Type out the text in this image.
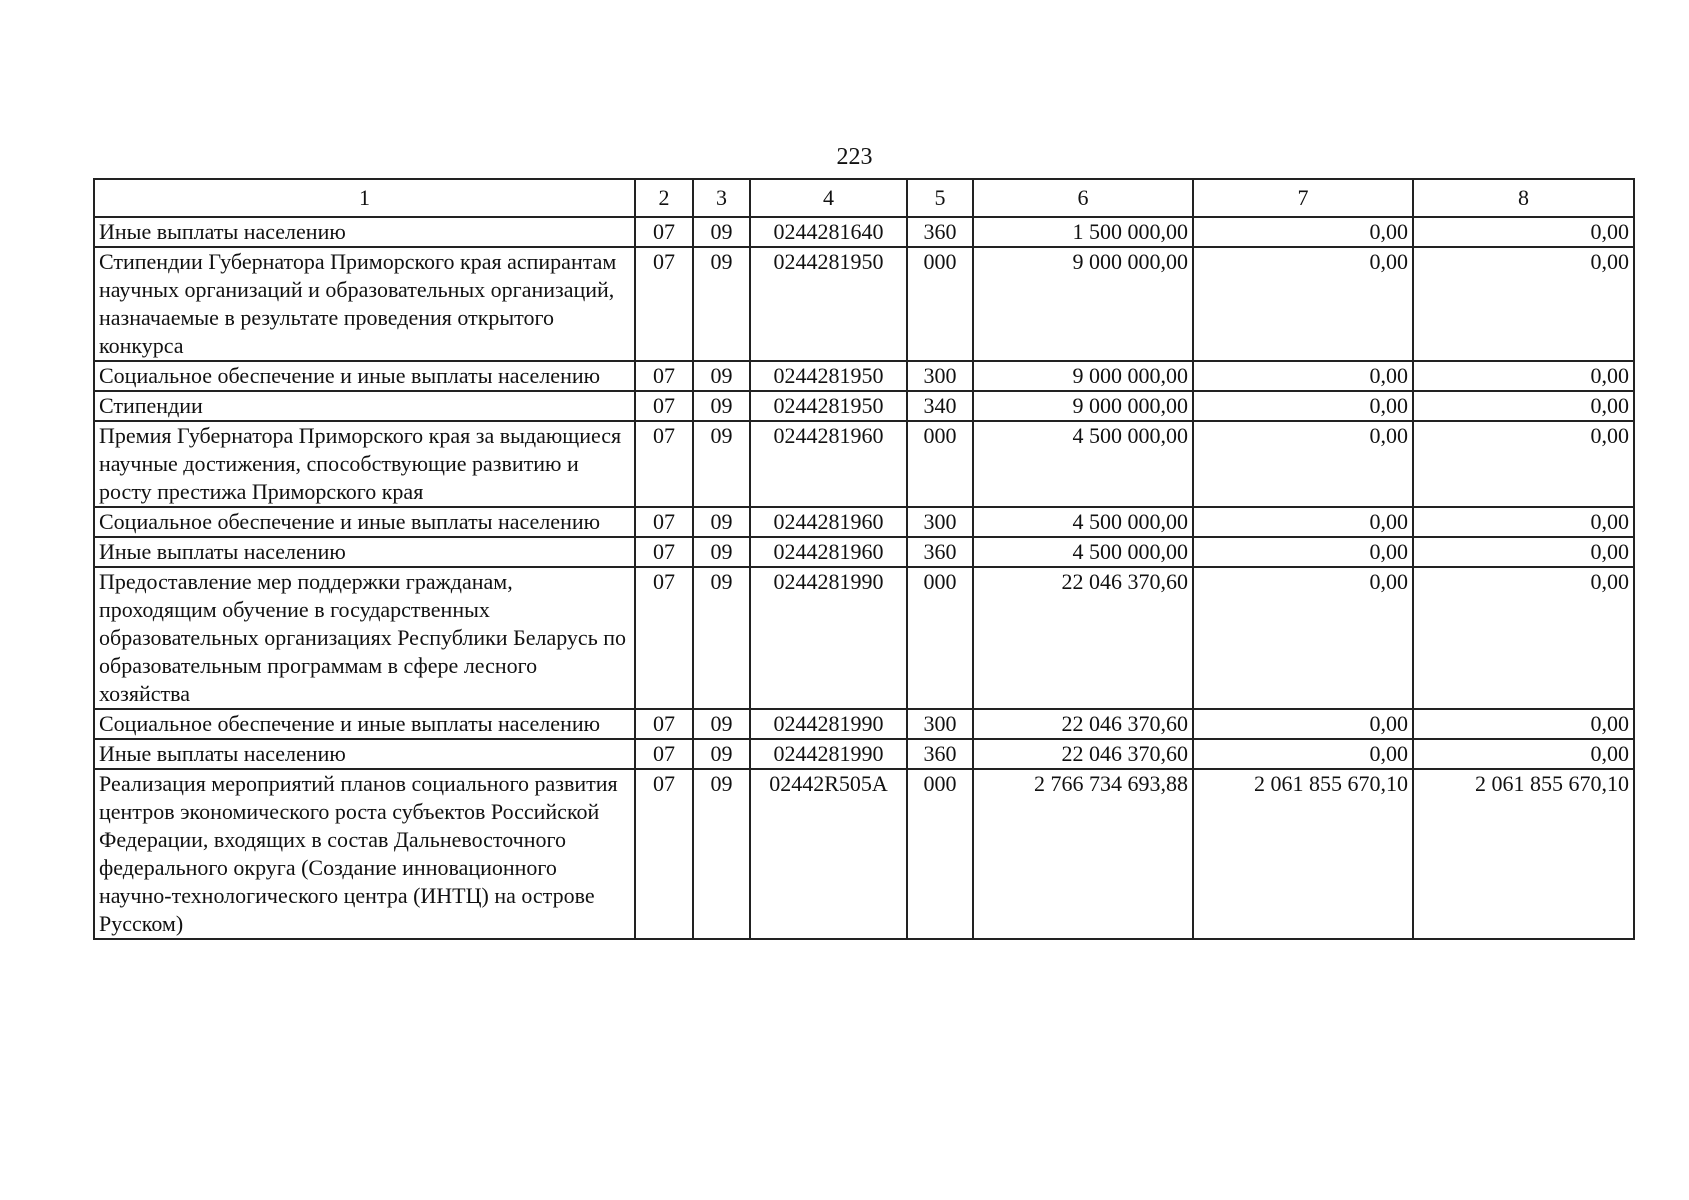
223
1	2	3	4	5	6	7	8
Иные выплаты населению	07	09	0244281640	360	1 500 000,00	0,00	0,00
Стипендии Губернатора Приморского края аспирантам научных организаций и образовательных организаций, назначаемые в результате проведения открытого конкурса	07	09	0244281950	000	9 000 000,00	0,00	0,00
Социальное обеспечение и иные выплаты населению	07	09	0244281950	300	9 000 000,00	0,00	0,00
Стипендии	07	09	0244281950	340	9 000 000,00	0,00	0,00
Премия Губернатора Приморского края за выдающиеся научные достижения, способствующие развитию и росту престижа Приморского края	07	09	0244281960	000	4 500 000,00	0,00	0,00
Социальное обеспечение и иные выплаты населению	07	09	0244281960	300	4 500 000,00	0,00	0,00
Иные выплаты населению	07	09	0244281960	360	4 500 000,00	0,00	0,00
Предоставление мер поддержки гражданам, проходящим обучение в государственных образовательных организациях Республики Беларусь по образовательным программам в сфере лесного хозяйства	07	09	0244281990	000	22 046 370,60	0,00	0,00
Социальное обеспечение и иные выплаты населению	07	09	0244281990	300	22 046 370,60	0,00	0,00
Иные выплаты населению	07	09	0244281990	360	22 046 370,60	0,00	0,00
Реализация мероприятий планов социального развития центров экономического роста субъектов Российской Федерации, входящих в состав Дальневосточного федерального округа (Создание инновационного научно-технологического центра (ИНТЦ) на острове Русском)	07	09	02442R505A	000	2 766 734 693,88	2 061 855 670,10	2 061 855 670,10
